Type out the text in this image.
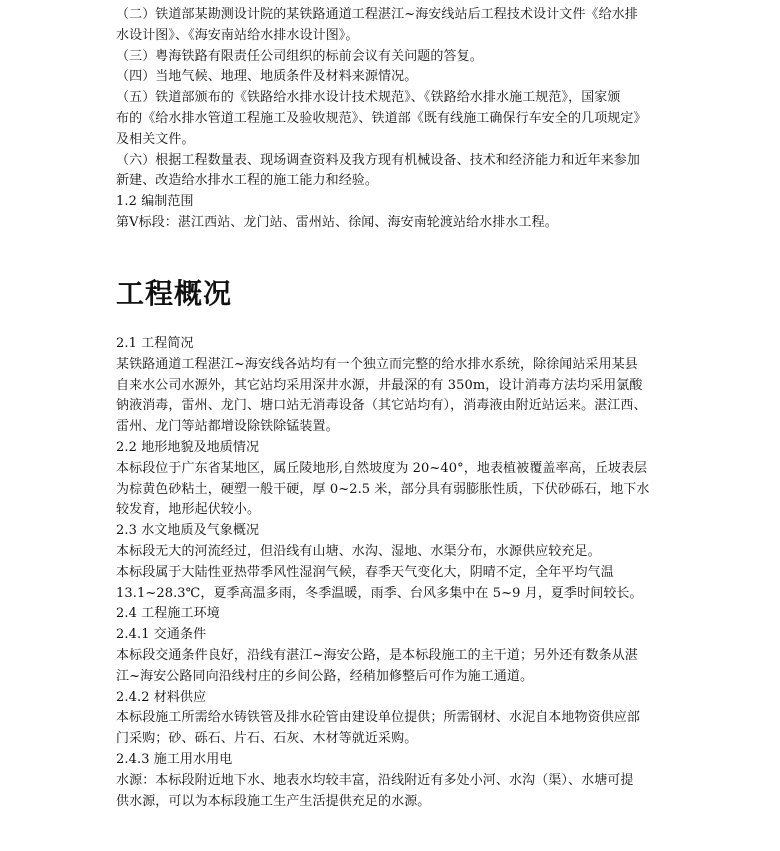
（二）铁道部某勘测设计院的某铁路通道工程湛江~海安线站后工程技术设计文件《给水排
水设计图》、《海安南站给水排水设计图》。
（三）粤海铁路有限责任公司组织的标前会议有关问题的答复。
（四）当地气候、地理、地质条件及材料来源情况。
（五）铁道部颁布的《铁路给水排水设计技术规范》、《铁路给水排水施工规范》，国家颁
布的《给水排水管道工程施工及验收规范》、铁道部《既有线施工确保行车安全的几项规定》
及相关文件。
（六）根据工程数量表、现场调查资料及我方现有机械设备、技术和经济能力和近年来参加
新建、改造给水排水工程的施工能力和经验。
1.2 编制范围
第Ⅴ标段：湛江西站、龙门站、雷州站、徐闻、海安南轮渡站给水排水工程。
工程概况
2.1 工程简况
某铁路通道工程湛江~海安线各站均有一个独立而完整的给水排水系统，除徐闻站采用某县
自来水公司水源外，其它站均采用深井水源，井最深的有 350m，设计消毒方法均采用氯酸
钠液消毒，雷州、龙门、塘口站无消毒设备（其它站均有），消毒液由附近站运来。湛江西、
雷州、龙门等站都增设除铁除锰装置。
2.2 地形地貌及地质情况
本标段位于广东省某地区，属丘陵地形,自然坡度为 20~40°，地表植被覆盖率高，丘坡表层
为棕黄色砂粘土，硬塑一般干硬，厚 0~2.5 米，部分具有弱膨胀性质，下伏砂砾石，地下水
较发育，地形起伏较小。
2.3 水文地质及气象概况
本标段无大的河流经过，但沿线有山塘、水沟、湿地、水渠分布，水源供应较充足。
本标段属于大陆性亚热带季风性湿润气候，春季天气变化大，阴晴不定，全年平均气温
13.1~28.3℃，夏季高温多雨，冬季温暖，雨季、台风多集中在 5~9 月，夏季时间较长。
2.4 工程施工环境
2.4.1 交通条件
本标段交通条件良好，沿线有湛江~海安公路，是本标段施工的主干道；另外还有数条从湛
江~海安公路同向沿线村庄的乡间公路，经稍加修整后可作为施工通道。
2.4.2 材料供应
本标段施工所需给水铸铁管及排水砼管由建设单位提供；所需钢材、水泥自本地物资供应部
门采购；砂、砾石、片石、石灰、木材等就近采购。
2.4.3 施工用水用电
水源：本标段附近地下水、地表水均较丰富，沿线附近有多处小河、水沟（渠）、水塘可提
供水源，可以为本标段施工生产生活提供充足的水源。
